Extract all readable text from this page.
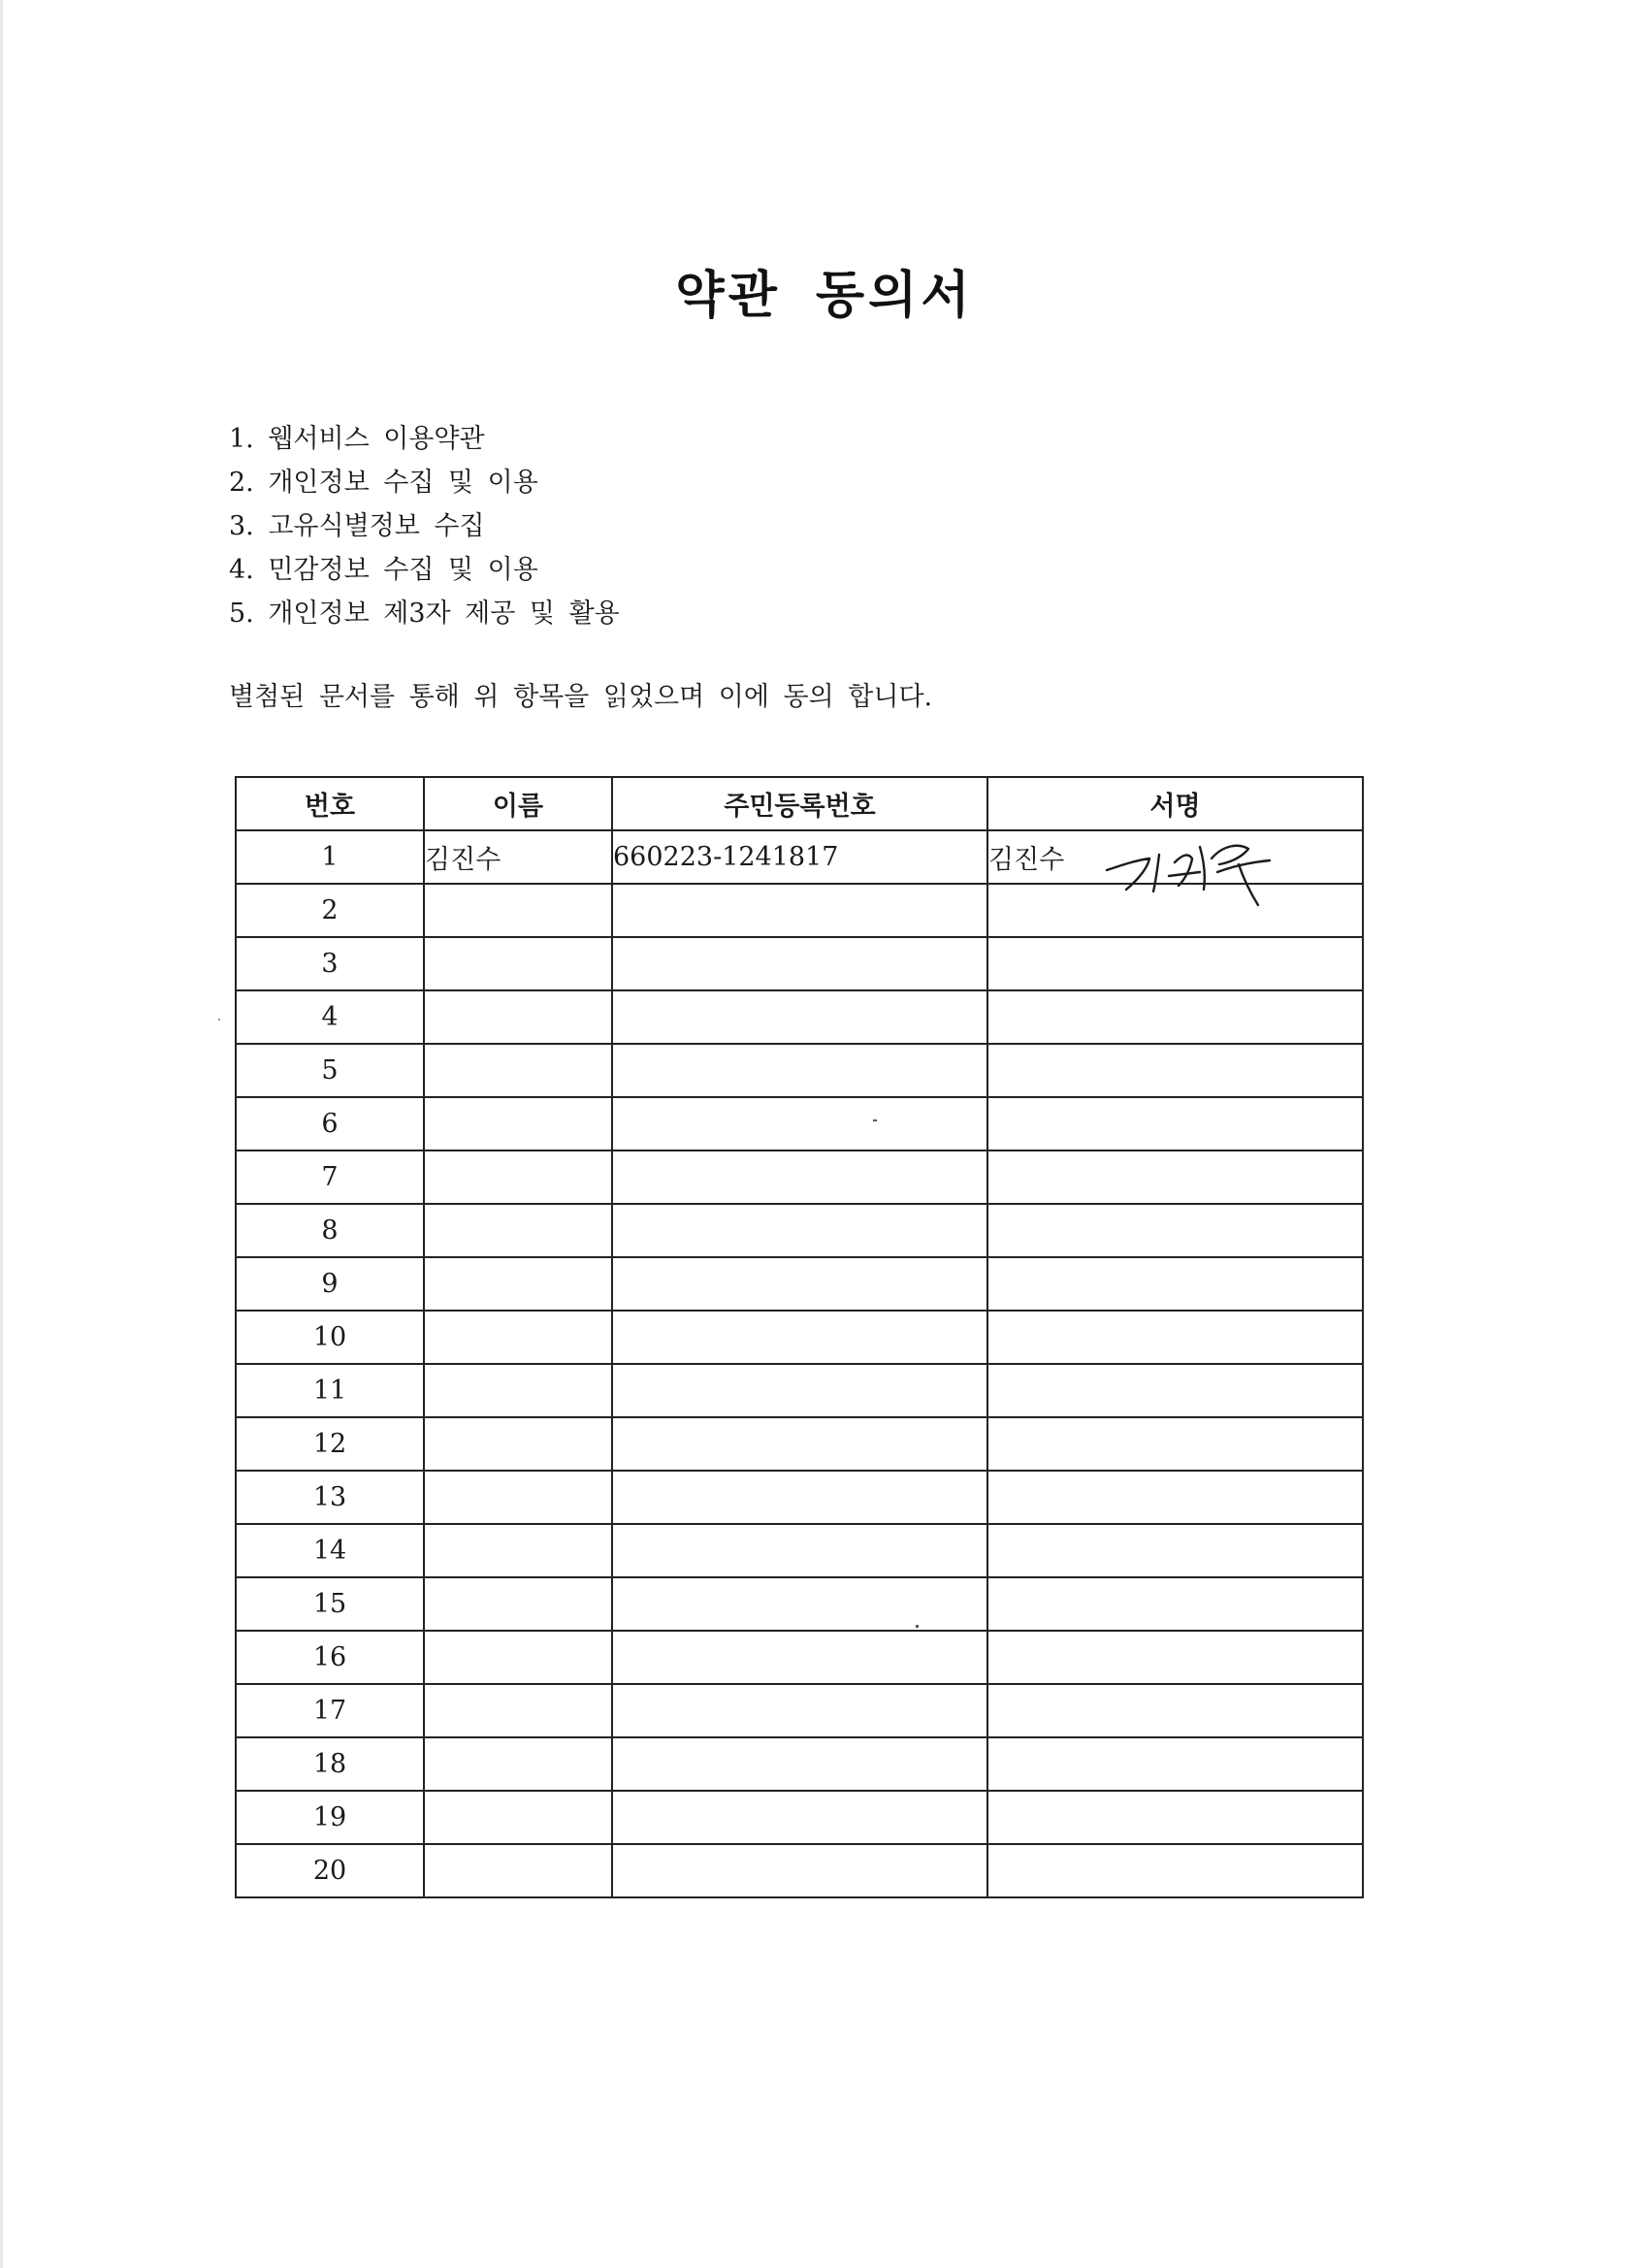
약관 동의서
1. 웹서비스 이용약관
2. 개인정보 수집 및 이용
3. 고유식별정보 수집
4. 민감정보 수집 및 이용
5. 개인정보 제3자 제공 및 활용
별첨된 문서를 통해 위 항목을 읽었으며 이에 동의 합니다.
번호	이름	주민등록번호	서명
1	김진수	660223-1241817	김진수

2			
3			
4			
5			
6			
7			
8			
9			
10			
11			
12			
13			
14			
15			
16			
17			
18			
19			
20			
